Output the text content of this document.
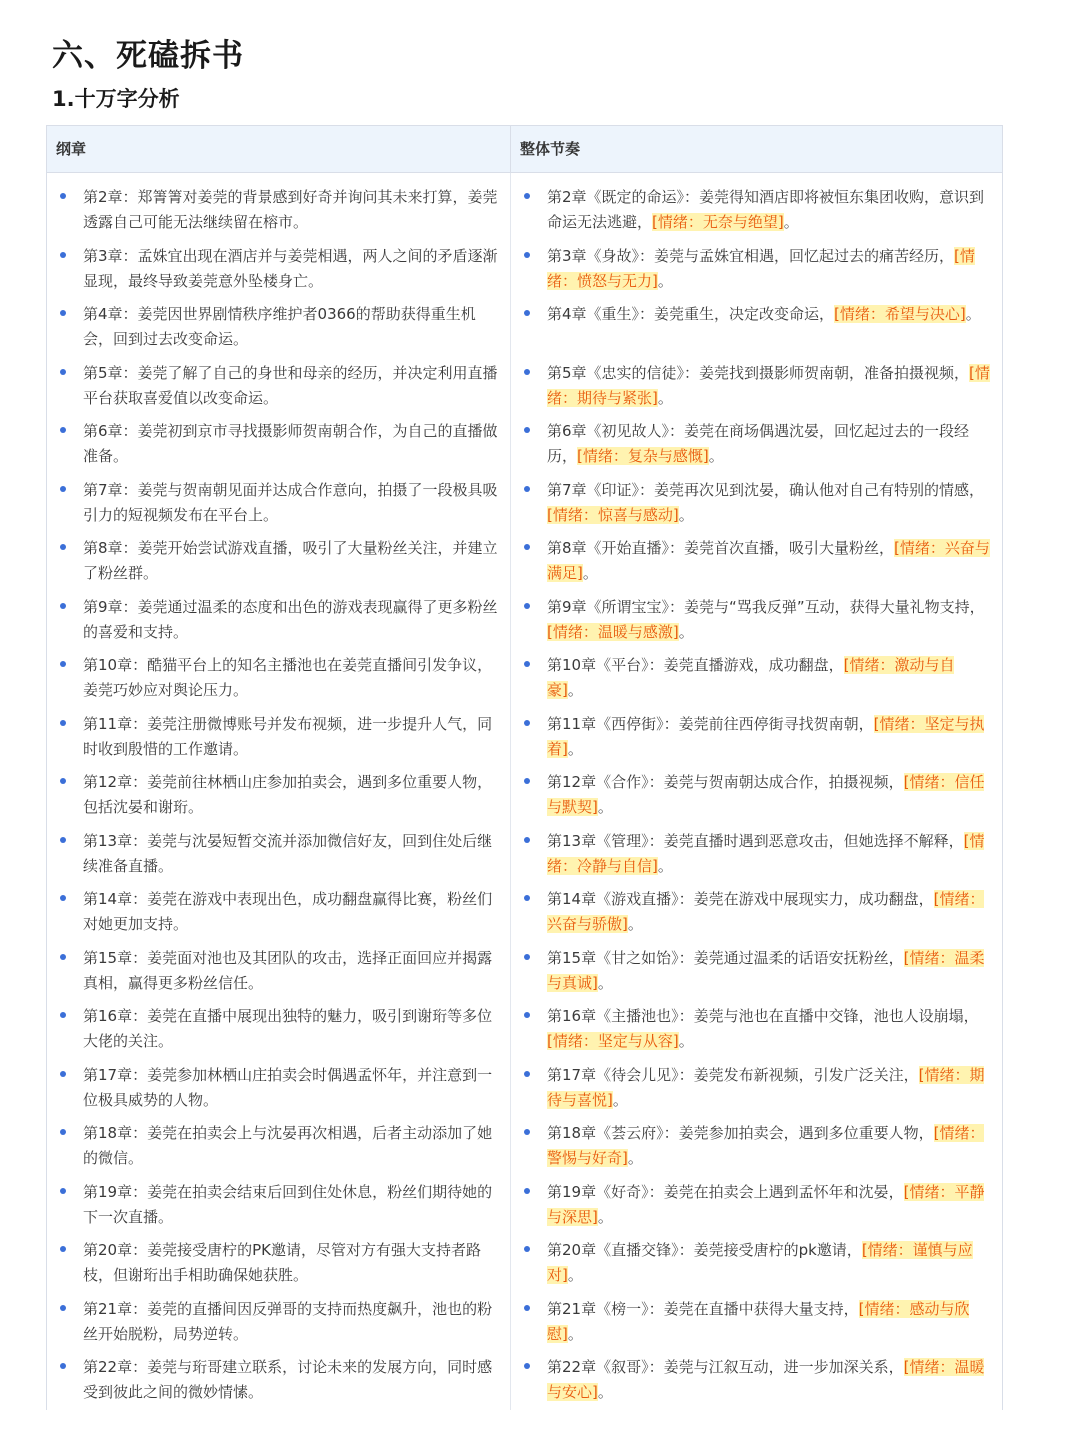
六、死磕拆书
1.十万字分析
纲章	整体节奏
第2章：郑箐箐对姜莞的背景感到好奇并询问其未来打算，姜莞透露自己可能无法继续留在榕市。
第3章：孟姝宜出现在酒店并与姜莞相遇，两人之间的矛盾逐渐显现，最终导致姜莞意外坠楼身亡。
第4章：姜莞因世界剧情秩序维护者0366的帮助获得重生机会，回到过去改变命运。
第5章：姜莞了解了自己的身世和母亲的经历，并决定利用直播平台获取喜爱值以改变命运。
第6章：姜莞初到京市寻找摄影师贺南朝合作，为自己的直播做准备。
第7章：姜莞与贺南朝见面并达成合作意向，拍摄了一段极具吸引力的短视频发布在平台上。
第8章：姜莞开始尝试游戏直播，吸引了大量粉丝关注，并建立了粉丝群。
第9章：姜莞通过温柔的态度和出色的游戏表现赢得了更多粉丝的喜爱和支持。
第10章：酷猫平台上的知名主播池也在姜莞直播间引发争议，姜莞巧妙应对舆论压力。
第11章：姜莞注册微博账号并发布视频，进一步提升人气，同时收到殷惜的工作邀请。
第12章：姜莞前往林栖山庄参加拍卖会，遇到多位重要人物，包括沈晏和谢珩。
第13章：姜莞与沈晏短暂交流并添加微信好友，回到住处后继续准备直播。
第14章：姜莞在游戏中表现出色，成功翻盘赢得比赛，粉丝们对她更加支持。
第15章：姜莞面对池也及其团队的攻击，选择正面回应并揭露真相，赢得更多粉丝信任。
第16章：姜莞在直播中展现出独特的魅力，吸引到谢珩等多位大佬的关注。
第17章：姜莞参加林栖山庄拍卖会时偶遇孟怀年，并注意到一位极具威势的人物。
第18章：姜莞在拍卖会上与沈晏再次相遇，后者主动添加了她的微信。
第19章：姜莞在拍卖会结束后回到住处休息，粉丝们期待她的下一次直播。
第20章：姜莞接受唐柠的PK邀请，尽管对方有强大支持者路枝，但谢珩出手相助确保她获胜。
第21章：姜莞的直播间因反弹哥的支持而热度飙升，池也的粉丝开始脱粉，局势逆转。
第22章：姜莞与珩哥建立联系，讨论未来的发展方向，同时感受到彼此之间的微妙情愫。
第2章《既定的命运》：姜莞得知酒店即将被恒东集团收购，意识到命运无法逃避，[情绪：无奈与绝望]。
第3章《身故》：姜莞与孟姝宜相遇，回忆起过去的痛苦经历，[情绪：愤怒与无力]。
第4章《重生》：姜莞重生，决定改变命运，[情绪：希望与决心]。
第5章《忠实的信徒》：姜莞找到摄影师贺南朝，准备拍摄视频，[情绪：期待与紧张]。
第6章《初见故人》：姜莞在商场偶遇沈晏，回忆起过去的一段经历，[情绪：复杂与感慨]。
第7章《印证》：姜莞再次见到沈晏，确认他对自己有特别的情感，[情绪：惊喜与感动]。
第8章《开始直播》：姜莞首次直播，吸引大量粉丝，[情绪：兴奋与满足]。
第9章《所谓宝宝》：姜莞与“骂我反弹”互动，获得大量礼物支持，[情绪：温暖与感激]。
第10章《平台》：姜莞直播游戏，成功翻盘，[情绪：激动与自豪]。
第11章《西停街》：姜莞前往西停街寻找贺南朝，[情绪：坚定与执着]。
第12章《合作》：姜莞与贺南朝达成合作，拍摄视频，[情绪：信任与默契]。
第13章《管理》：姜莞直播时遇到恶意攻击，但她选择不解释，[情绪：冷静与自信]。
第14章《游戏直播》：姜莞在游戏中展现实力，成功翻盘，[情绪：兴奋与骄傲]。
第15章《甘之如饴》：姜莞通过温柔的话语安抚粉丝，[情绪：温柔与真诚]。
第16章《主播池也》：姜莞与池也在直播中交锋，池也人设崩塌，[情绪：坚定与从容]。
第17章《待会儿见》：姜莞发布新视频，引发广泛关注，[情绪：期待与喜悦]。
第18章《荟云府》：姜莞参加拍卖会，遇到多位重要人物，[情绪：警惕与好奇]。
第19章《好奇》：姜莞在拍卖会上遇到孟怀年和沈晏，[情绪：平静与深思]。
第20章《直播交锋》：姜莞接受唐柠的pk邀请，[情绪：谨慎与应对]。
第21章《榜一》：姜莞在直播中获得大量支持，[情绪：感动与欣慰]。
第22章《叙哥》：姜莞与江叙互动，进一步加深关系，[情绪：温暖与安心]。
